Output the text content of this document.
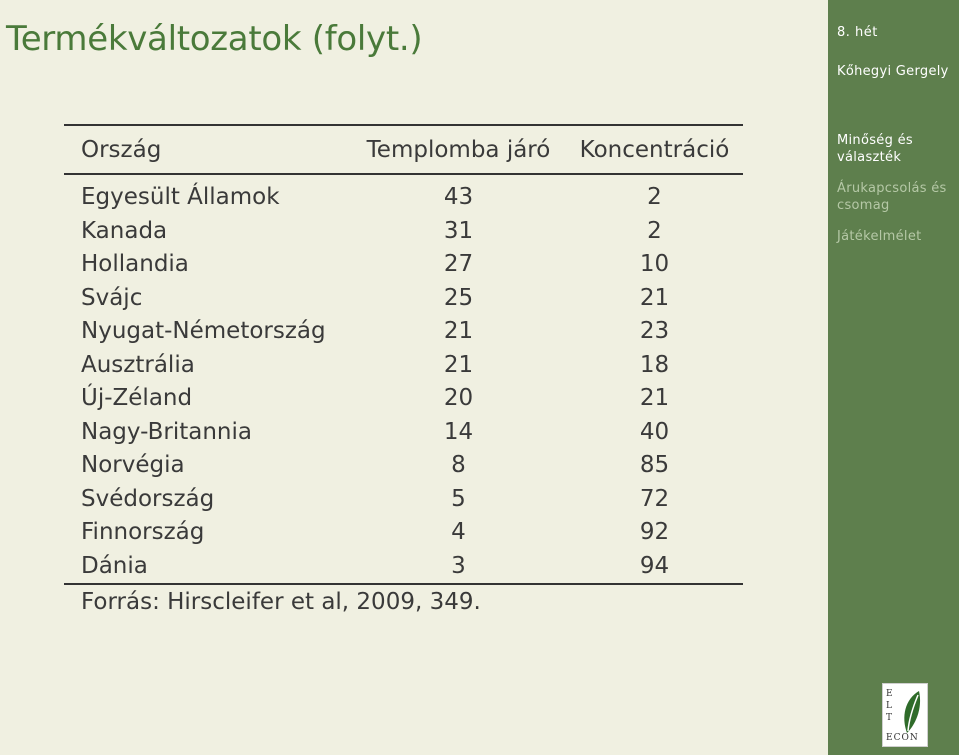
Termékváltozatok (folyt.)
Ország	Templomba járó	Koncentráció
Egyesült Államok	43	2
Kanada	31	2
Hollandia	27	10
Svájc	25	21
Nyugat-Németország	21	23
Ausztrália	21	18
Új-Zéland	20	21
Nagy-Britannia	14	40
Norvégia	8	85
Svédország	5	72
Finnország	4	92
Dánia	3	94
Forrás: Hirscleifer et al, 2009, 349.
8. hét
Kőhegyi Gergely
Minőség és választék
Árukapcsolás és csomag
Játékelmélet
E
L
T
ECON
